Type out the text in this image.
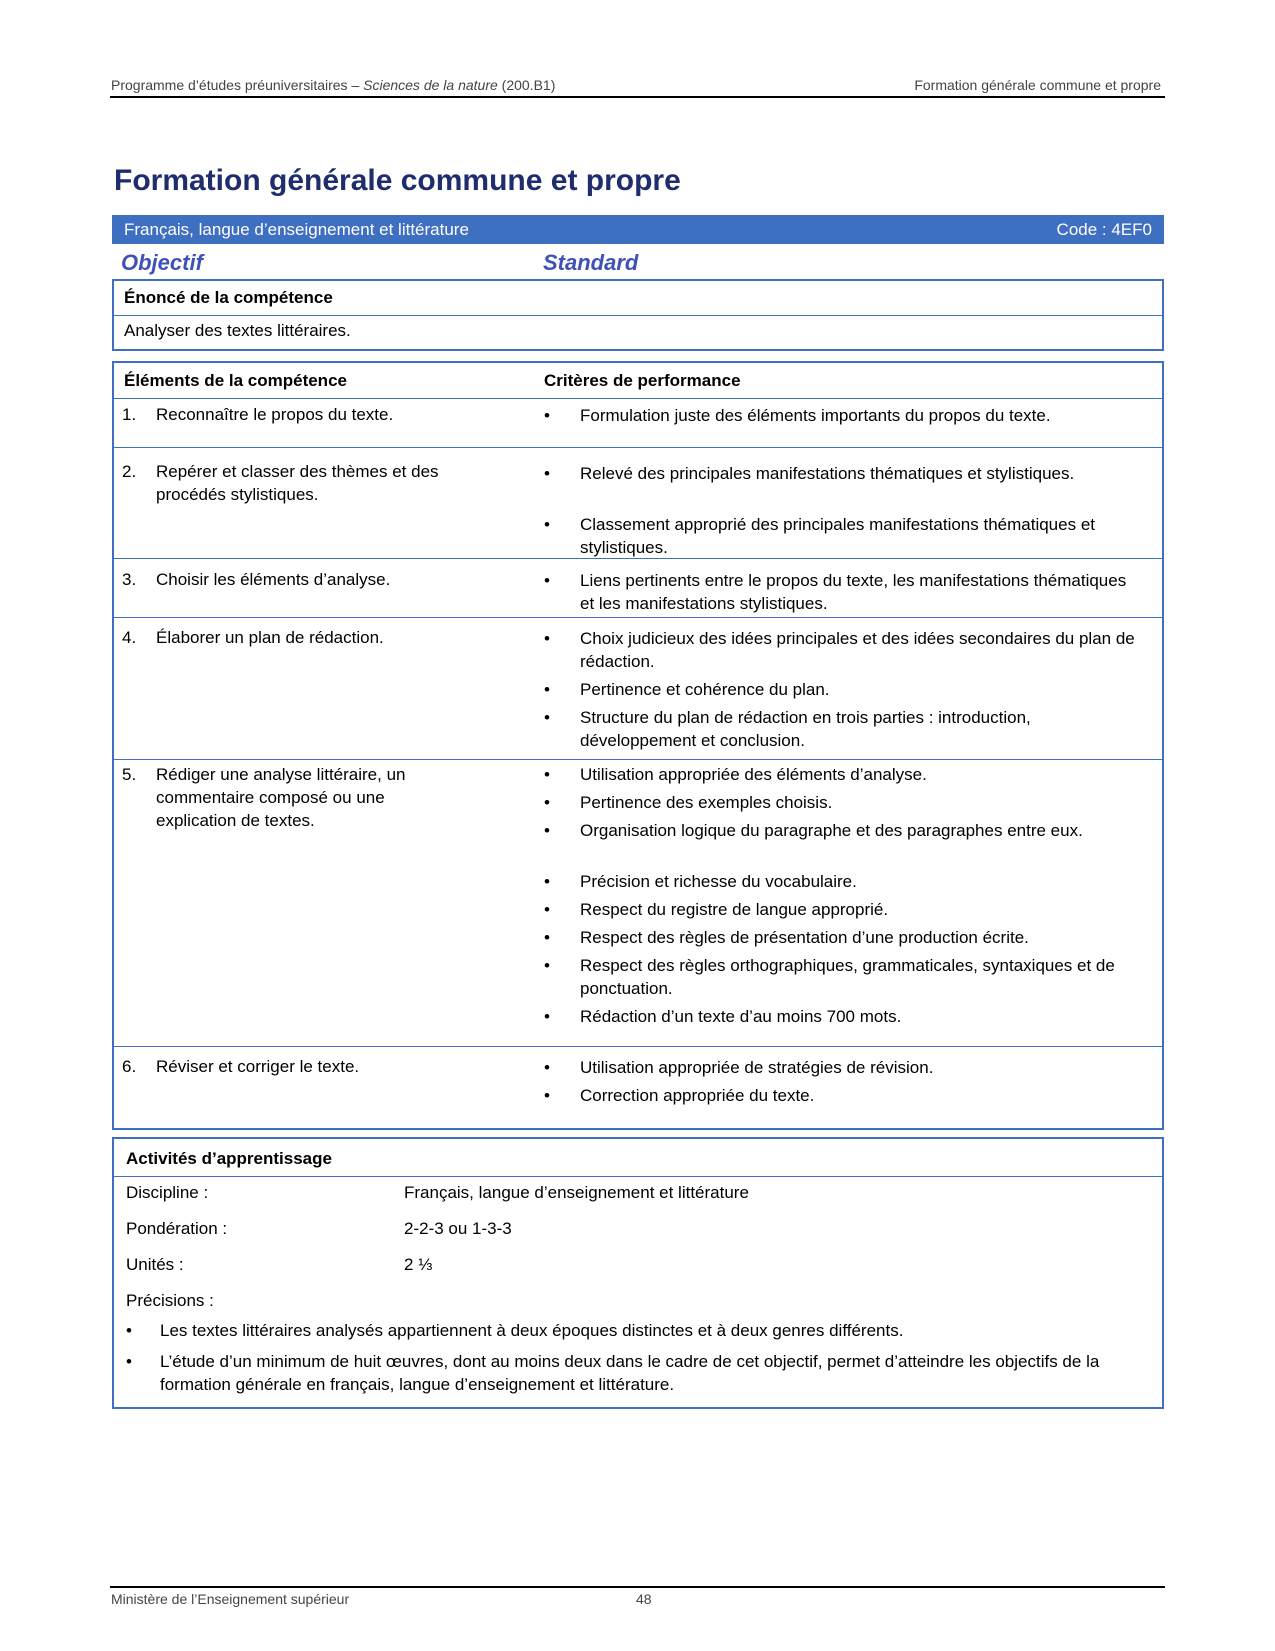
Programme d’études préuniversitaires – Sciences de la nature (200.B1)	Formation générale commune et propre
Formation générale commune et propre
Français, langue d’enseignement et littérature	Code : 4EF0
Objectif	Standard
Énoncé de la compétence
Analyser des textes littéraires.
Éléments de la compétence	Critères de performance
1. Reconnaître le propos du texte.	• Formulation juste des éléments importants du propos du texte.
2. Repérer et classer des thèmes et des procédés stylistiques.
• Relevé des principales manifestations thématiques et stylistiques.
• Classement approprié des principales manifestations thématiques et stylistiques.
3. Choisir les éléments d’analyse.	• Liens pertinents entre le propos du texte, les manifestations thématiques et les manifestations stylistiques.
4. Élaborer un plan de rédaction.	• Choix judicieux des idées principales et des idées secondaires du plan de rédaction.
• Pertinence et cohérence du plan.
• Structure du plan de rédaction en trois parties : introduction, développement et conclusion.
5. Rédiger une analyse littéraire, un commentaire composé ou une explication de textes.
• Utilisation appropriée des éléments d’analyse.
• Pertinence des exemples choisis.
• Organisation logique du paragraphe et des paragraphes entre eux.
• Précision et richesse du vocabulaire.
• Respect du registre de langue approprié.
• Respect des règles de présentation d’une production écrite.
• Respect des règles orthographiques, grammaticales, syntaxiques et de ponctuation.
• Rédaction d’un texte d’au moins 700 mots.
6. Réviser et corriger le texte.	• Utilisation appropriée de stratégies de révision.
• Correction appropriée du texte.
Activités d’apprentissage
Discipline :	Français, langue d’enseignement et littérature
Pondération :	2-2-3 ou 1-3-3
Unités :	2 ⅓
Précisions :
• Les textes littéraires analysés appartiennent à deux époques distinctes et à deux genres différents.
• L’étude d’un minimum de huit œuvres, dont au moins deux dans le cadre de cet objectif, permet d’atteindre les objectifs de la formation générale en français, langue d’enseignement et littérature.
Ministère de l’Enseignement supérieur	48
